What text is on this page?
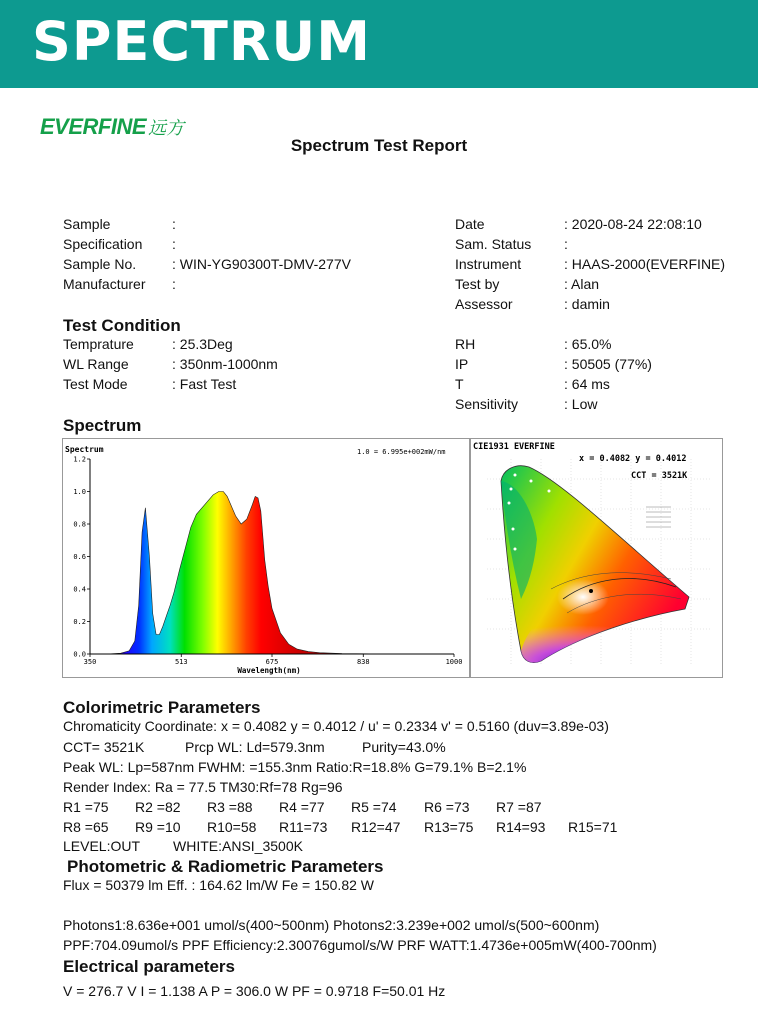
SPECTRUM
EVERFINE 远方
Spectrum Test Report
Sample	:
Specification :
Sample No.	: WIN-YG90300T-DMV-277V
Manufacturer :
Date	: 2020-08-24 22:08:10
Sam. Status :
Instrument	: HAAS-2000(EVERFINE)
Test by	: Alan
Assessor	: damin
Test Condition
Temprature	: 25.3Deg
WL Range	: 350nm-1000nm
Test Mode	: Fast Test
RH	: 65.0%
IP	: 50505 (77%)
T	: 64 ms
Sensitivity	: Low
Spectrum
0.0
0.2
0.4
0.6
0.8
1.0
1.2
350	513	675	838	1000
Spectrum	1.0 = 6.995e+002mW/nm
Wavelength(nm)
CIE1931 EVERFINE
x = 0.4082 y = 0.4012
CCT = 3521K
Colorimetric Parameters
Chromaticity Coordinate: x = 0.4082 y = 0.4012 / u' = 0.2334 v' = 0.5160 (duv=3.89e-03)
CCT= 3521K	Prcp WL: Ld=579.3nm	Purity=43.0%
Peak WL: Lp=587nm FWHM: =155.3nm Ratio:R=18.8% G=79.1% B=2.1%
Render Index: Ra = 77.5 TM30:Rf=78 Rg=96
R1 =75 R2 =82 R3 =88 R4 =77 R5 =74 R6 =73 R7 =87
R8 =65 R9 =10 R10=58 R11=73 R12=47 R13=75 R14=93 R15=71
LEVEL:OUT WHITE:ANSI_3500K
Photometric & Radiometric Parameters
Flux = 50379 lm Eff. : 164.62 lm/W Fe = 150.82 W
Photons1:8.636e+001 umol/s(400~500nm) Photons2:3.239e+002 umol/s(500~600nm)
PPF:704.09umol/s PPF Efficiency:2.30076gumol/s/W PRF WATT:1.4736e+005mW(400-700nm)
Electrical parameters
V = 276.7 V I = 1.138 A P = 306.0 W PF = 0.9718 F=50.01 Hz
